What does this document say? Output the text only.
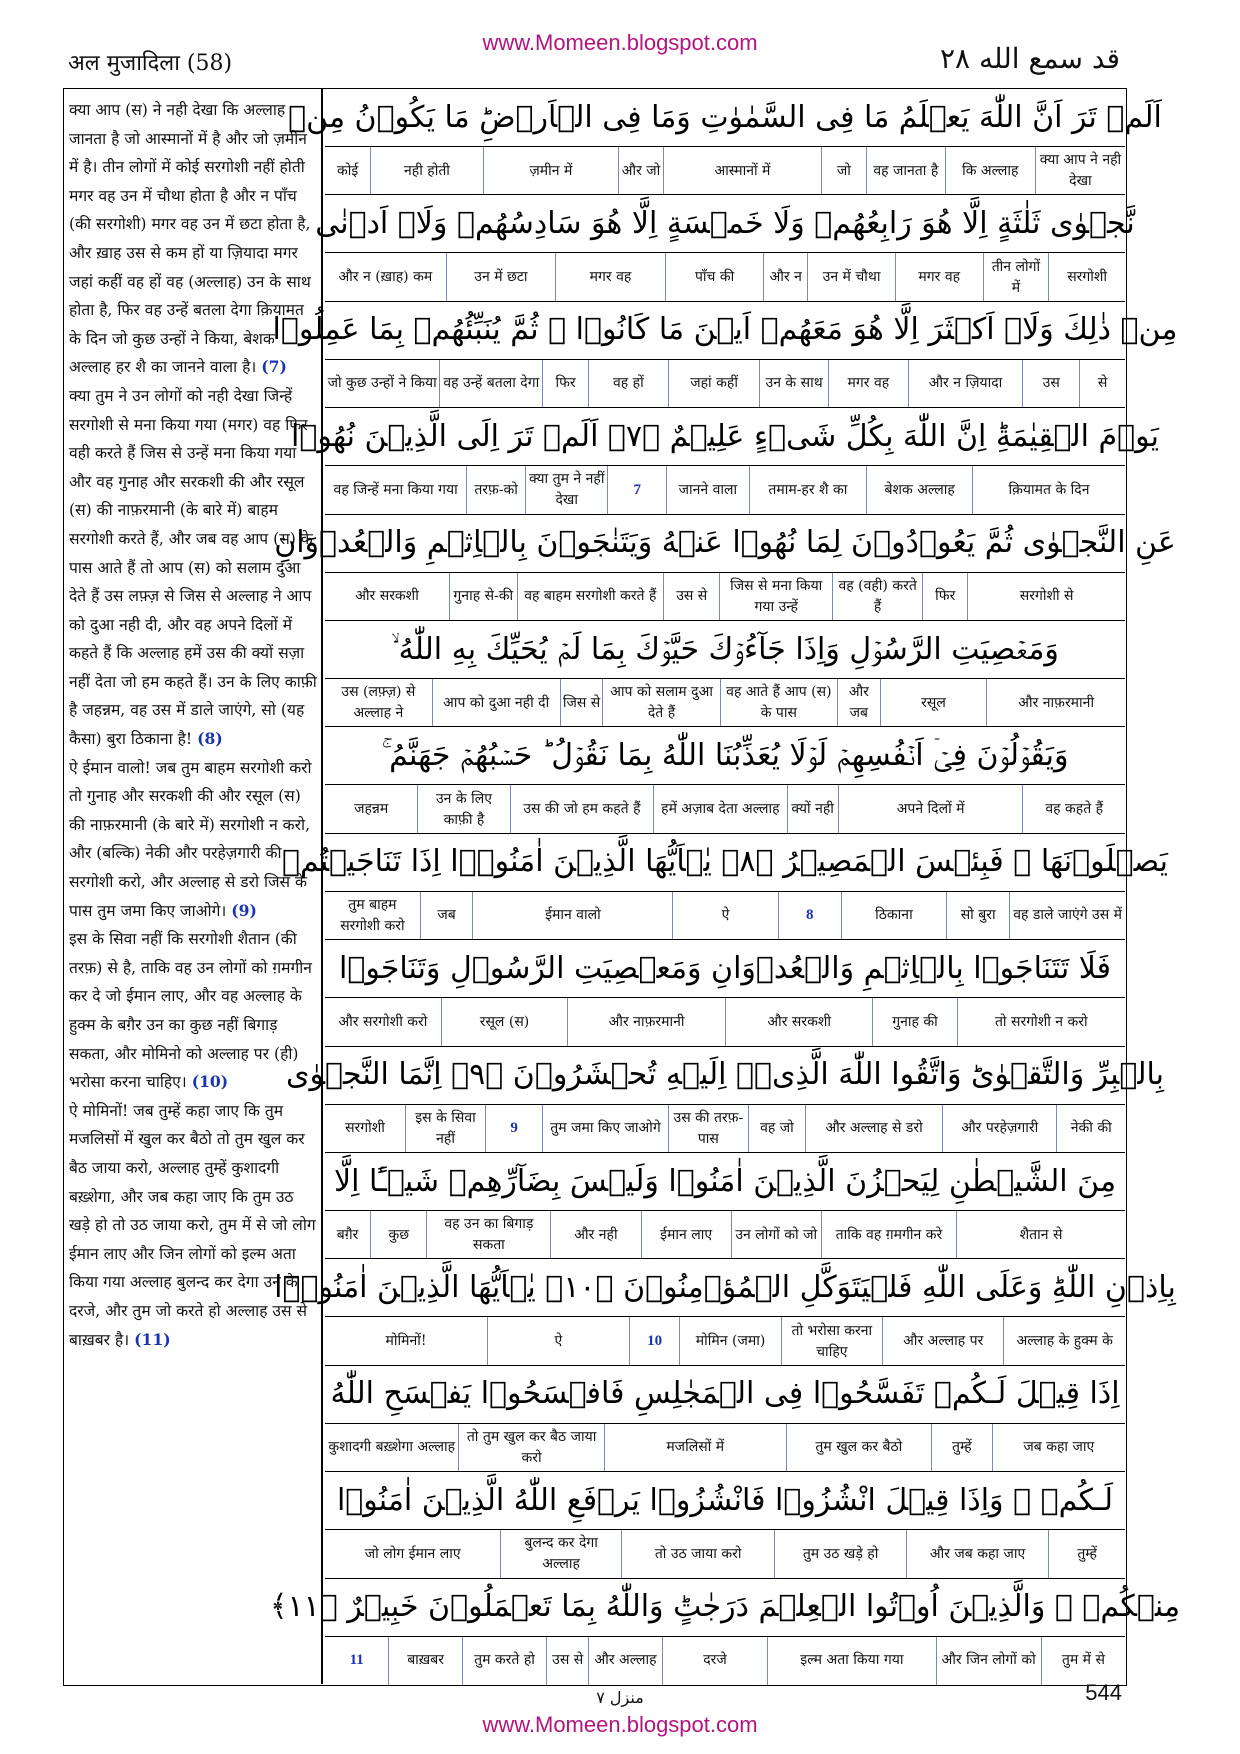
www.Momeen.blogspot.com
अल मुजादिला (58)	قد سمع الله ٢٨

क्या आप (स) ने नही देखा कि अल्लाह जानता है जो आस्मानों में है और जो ज़मीन में है। तीन लोगों में कोई सरगोशी नहीं होती मगर वह उन में चौथा होता है और न पाँच (की सरगोशी) मगर वह उन में छटा होता है, और ख़ाह उस से कम हों या ज़ियादा मगर जहां कहीं वह हों वह (अल्लाह) उन के साथ होता है, फिर वह उन्हें बतला देगा क़ियामत के दिन जो कुछ उन्हों ने किया, बेशक अल्लाह हर शै का जानने वाला है। (7)

क्या तुम ने उन लोगों को नही देखा जिन्हें सरगोशी से मना किया गया (मगर) वह फिर वही करते हैं जिस से उन्हें मना किया गया और वह गुनाह और सरकशी की और रसूल (स) की नाफ़रमानी (के बारे में) बाहम सरगोशी करते हैं, और जब वह आप (स) के पास आते हैं तो आप (स) को सलाम दुआ देते हैं उस लफ़्ज़ से जिस से अल्लाह ने आप को दुआ नही दी, और वह अपने दिलों में कहते हैं कि अल्लाह हमें उस की क्यों सज़ा नहीं देता जो हम कहते हैं। उन के लिए काफ़ी है जहन्नम, वह उस में डाले जाएंगे, सो (यह कैसा) बुरा ठिकाना है! (8)

ऐ ईमान वालो! जब तुम बाहम सरगोशी करो तो गुनाह और सरकशी की और रसूल (स) की नाफ़रमानी (के बारे में) सरगोशी न करो, और (बल्कि) नेकी और परहेज़गारी की सरगोशी करो, और अल्लाह से डरो जिस के पास तुम जमा किए जाओगे। (9)

इस के सिवा नहीं कि सरगोशी शैतान (की तरफ़) से है, ताकि वह उन लोगों को ग़मगीन कर दे जो ईमान लाए, और वह अल्लाह के हुक्म के बग़ैर उन का कुछ नहीं बिगाड़ सकता, और मोमिनो को अल्लाह पर (ही) भरोसा करना चाहिए। (10)

ऐ मोमिनों! जब तुम्हें कहा जाए कि तुम मजलिसों में खुल कर बैठो तो तुम खुल कर बैठ जाया करो, अल्लाह तुम्हें कुशादगी बख़्शेगा, और जब कहा जाए कि तुम उठ खड़े हो तो उठ जाया करो, तुम में से जो लोग ईमान लाए और जिन लोगों को इल्म अता किया गया अल्लाह बुलन्द कर देगा उन के दरजे, और तुम जो करते हो अल्लाह उस से बाख़बर है। (11)

اَلَمۡ تَرَ اَنَّ اللّٰهَ يَعۡلَمُ مَا فِى السَّمٰوٰتِ وَمَا فِى الۡاَرۡضِ‌ؕ مَا يَكُوۡنُ مِنۡ
क्या आप ने नही देखा
कि अल्लाह
वह जानता है
जो
आस्मानों में
और जो
ज़मीन में
नही होती
कोई
نَّجۡوٰى ثَلٰثَةٍ اِلَّا هُوَ رَابِعُهُمۡ وَلَا خَمۡسَةٍ اِلَّا هُوَ سَادِسُهُمۡ وَلَاۤ اَدۡنٰى
सरगोशी
तीन लोगों में
मगर वह
उन में चौथा
और न
पाँच की
मगर वह
उन में छटा
और न (ख़ाह) कम
مِنۡ ذٰلِكَ وَلَاۤ اَكۡثَرَ اِلَّا هُوَ مَعَهُمۡ اَيۡنَ مَا كَانُوۡا‌ ۚ ثُمَّ يُنَبِّئُهُمۡ بِمَا عَمِلُوۡا
से
उस
और न ज़ियादा
मगर वह
उन के साथ
जहां कहीं
वह हों
फिर
वह उन्हें बतला देगा
जो कुछ उन्हों ने किया
يَوۡمَ الۡقِيٰمَةِ‌ؕ اِنَّ اللّٰهَ بِكُلِّ شَىۡءٍ عَلِيۡمٌ ﴿۷﴾ اَلَمۡ تَرَ اِلَى الَّذِيۡنَ نُهُوۡا
क़ियामत के दिन
बेशक अल्लाह
तमाम-हर शै का
जानने वाला
7
क्या तुम ने नहीं देखा
तरफ़-को
वह जिन्हें मना किया गया
عَنِ النَّجۡوٰى ثُمَّ يَعُوۡدُوۡنَ لِمَا نُهُوۡا عَنۡهُ وَيَتَنٰجَوۡنَ بِالۡاِثۡمِ وَالۡعُدۡوَانِ
सरगोशी से
फिर
वह (वही) करते हैं
जिस से मना किया गया उन्हें
उस से
वह बाहम सरगोशी करते हैं
गुनाह से-की
और सरकशी
وَمَعۡصِيَتِ الرَّسُوۡلِ‌ وَاِذَا جَآءُوۡكَ حَيَّوۡكَ بِمَا لَمۡ يُحَيِّكَ بِهِ اللّٰهُ ۙ
और नाफ़रमानी
रसूल
और जब
वह आते हैं आप (स) के पास
आप को सलाम दुआ देते हैं
जिस से
आप को दुआ नही दी
उस (लफ़्ज़) से अल्लाह ने
وَيَقُوۡلُوۡنَ فِىۡۤ اَنۡفُسِهِمۡ لَوۡلَا يُعَذِّبُنَا اللّٰهُ بِمَا نَقُوۡلُ‌ ؕ حَسۡبُهُمۡ جَهَنَّمُ‌ ۚ
वह कहते हैं
अपने दिलों में
क्यों नही
हमें अज़ाब देता अल्लाह
उस की जो हम कहते हैं
उन के लिए काफ़ी है
जहन्नम
يَصۡلَوۡنَهَا‌ ۚ فَبِئۡسَ الۡمَصِيۡرُ ﴿۸﴾ يٰۤاَيُّهَا الَّذِيۡنَ اٰمَنُوۡۤا اِذَا تَنَاجَيۡتُمۡ
वह डाले जाएंगे उस में
सो बुरा
ठिकाना
8
ऐ
ईमान वालो
जब
तुम बाहम सरगोशी करो
فَلَا تَتَنَاجَوۡا بِالۡاِثۡمِ وَالۡعُدۡوَانِ وَمَعۡصِيَتِ الرَّسُوۡلِ وَتَنَاجَوۡا
तो सरगोशी न करो
गुनाह की
और सरकशी
और नाफ़रमानी
रसूल (स)
और सरगोशी करो
بِالۡبِرِّ وَالتَّقۡوٰى‌ؕ وَاتَّقُوا اللّٰهَ الَّذِىۡۤ اِلَيۡهِ تُحۡشَرُوۡنَ ﴿۹﴾ اِنَّمَا النَّجۡوٰى
नेकी की
और परहेज़गारी
और अल्लाह से डरो
वह जो
उस की तरफ़-पास
तुम जमा किए जाओगे
9
इस के सिवा नहीं
सरगोशी
مِنَ الشَّيۡطٰنِ لِيَحۡزُنَ الَّذِيۡنَ اٰمَنُوۡا وَلَيۡسَ بِضَآرِّهِمۡ شَيۡـًٔا اِلَّا
शैतान से
ताकि वह ग़मगीन करे
उन लोगों को जो
ईमान लाए
और नही
वह उन का बिगाड़ सकता
कुछ
बग़ैर
بِاِذۡنِ اللّٰهِ‌ؕ وَعَلَى اللّٰهِ فَلۡيَتَوَكَّلِ الۡمُؤۡمِنُوۡنَ ﴿۱۰﴾ يٰۤاَيُّهَا الَّذِيۡنَ اٰمَنُوۡۤا
अल्लाह के हुक्म के
और अल्लाह पर
तो भरोसा करना चाहिए
मोमिन (जमा)
10
ऐ
मोमिनों!
اِذَا قِيۡلَ لَـكُمۡ تَفَسَّحُوۡا فِى الۡمَجٰلِسِ فَافۡسَحُوۡا يَفۡسَحِ اللّٰهُ
जब कहा जाए
तुम्हें
तुम खुल कर बैठो
मजलिसों में
तो तुम खुल कर बैठ जाया करो
कुशादगी बख़्शेगा अल्लाह
لَـكُمۡ‌ ۚ وَاِذَا قِيۡلَ انْشُزُوۡا فَانْشُزُوۡا يَرۡفَعِ اللّٰهُ الَّذِيۡنَ اٰمَنُوۡا
तुम्हें
और जब कहा जाए
तुम उठ खड़े हो
तो उठ जाया करो
बुलन्द कर देगा अल्लाह
जो लोग ईमान लाए
مِنۡكُمۡ ۙ وَالَّذِيۡنَ اُوۡتُوا الۡعِلۡمَ دَرَجٰتٍ‌ؕ وَاللّٰهُ بِمَا تَعۡمَلُوۡنَ خَبِيۡرٌ ﴿۱۱﴾
तुम में से
और जिन लोगों को
इल्म अता किया गया
दरजे
और अल्लाह
उस से
तुम करते हो
बाख़बर
11
منزل ٧	544
www.Momeen.blogspot.com
